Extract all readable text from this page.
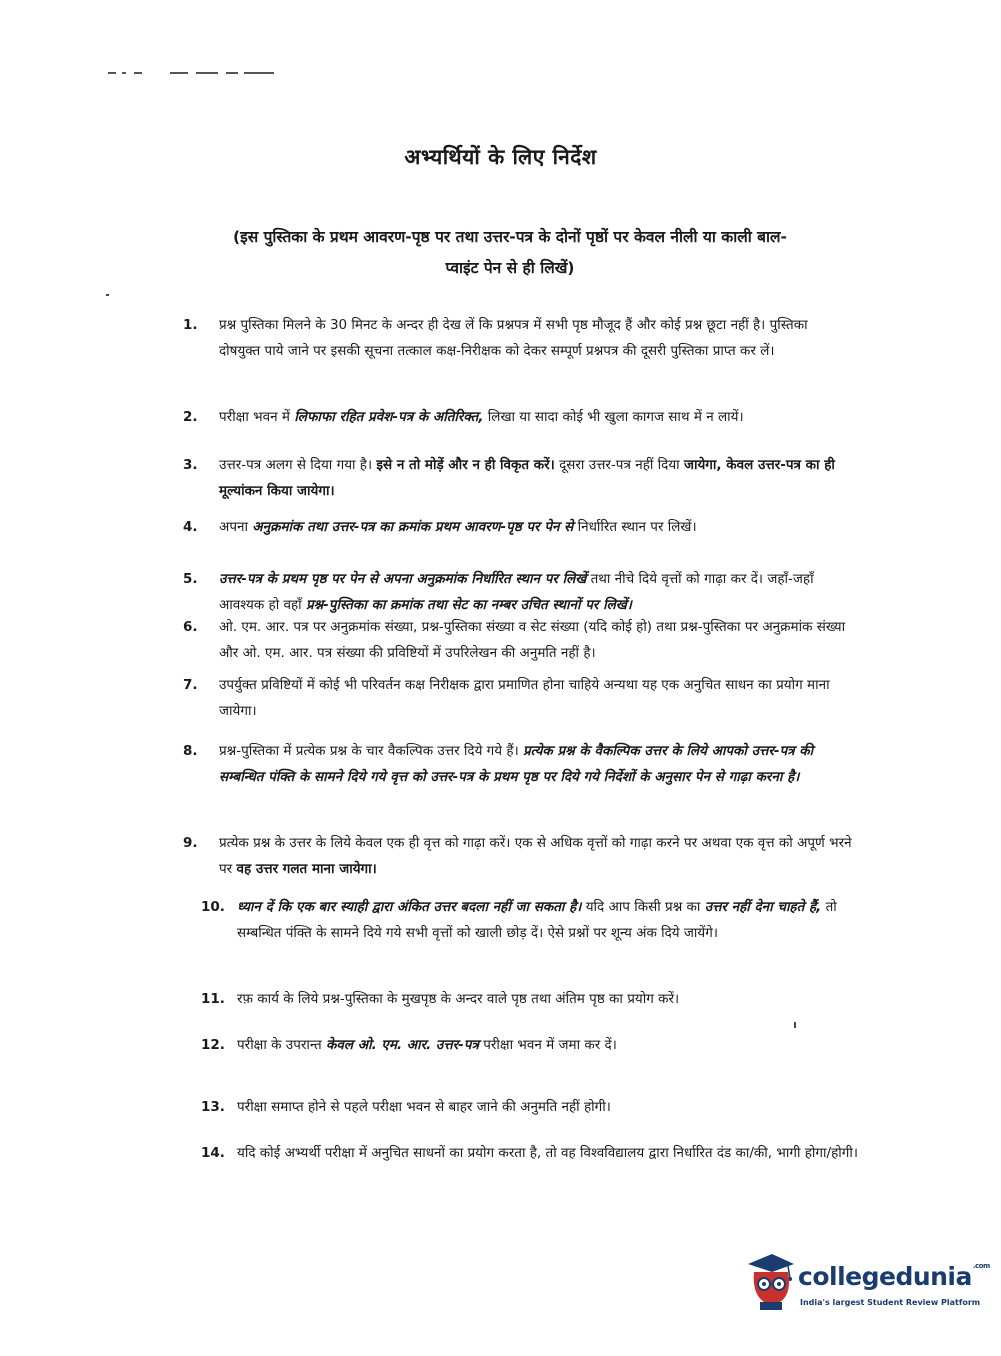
अभ्यर्थियों के लिए निर्देश
(इस पुस्तिका के प्रथम आवरण-पृष्ठ पर तथा उत्तर-पत्र के दोनों पृष्ठों पर केवल नीली या काली बाल-प्वाइंट पेन से ही लिखें)
1.	प्रश्न पुस्तिका मिलने के 30 मिनट के अन्दर ही देख लें कि प्रश्नपत्र में सभी पृष्ठ मौजूद हैं और कोई प्रश्न छूटा नहीं है। पुस्तिका दोषयुक्त पाये जाने पर इसकी सूचना तत्काल कक्ष-निरीक्षक को देकर सम्पूर्ण प्रश्नपत्र की दूसरी पुस्तिका प्राप्त कर लें।
2.	परीक्षा भवन में लिफाफा रहित प्रवेश-पत्र के अतिरिक्त, लिखा या सादा कोई भी खुला कागज साथ में न लायें।
3.	उत्तर-पत्र अलग से दिया गया है। इसे न तो मोड़ें और न ही विकृत करें। दूसरा उत्तर-पत्र नहीं दिया जायेगा, केवल उत्तर-पत्र का ही मूल्यांकन किया जायेगा।
4.	अपना अनुक्रमांक तथा उत्तर-पत्र का क्रमांक प्रथम आवरण-पृष्ठ पर पेन से निर्धारित स्थान पर लिखें।
5.	उत्तर-पत्र के प्रथम पृष्ठ पर पेन से अपना अनुक्रमांक निर्धारित स्थान पर लिखें तथा नीचे दिये वृत्तों को गाढ़ा कर दें। जहाँ-जहाँ आवश्यक हो वहाँ प्रश्न-पुस्तिका का क्रमांक तथा सेट का नम्बर उचित स्थानों पर लिखें।
6.	ओ. एम. आर. पत्र पर अनुक्रमांक संख्या, प्रश्न-पुस्तिका संख्या व सेट संख्या (यदि कोई हो) तथा प्रश्न-पुस्तिका पर अनुक्रमांक संख्या और ओ. एम. आर. पत्र संख्या की प्रविष्टियों में उपरिलेखन की अनुमति नहीं है।
7.	उपर्युक्त प्रविष्टियों में कोई भी परिवर्तन कक्ष निरीक्षक द्वारा प्रमाणित होना चाहिये अन्यथा यह एक अनुचित साधन का प्रयोग माना जायेगा।
8.	प्रश्न-पुस्तिका में प्रत्येक प्रश्न के चार वैकल्पिक उत्तर दिये गये हैं। प्रत्येक प्रश्न के वैकल्पिक उत्तर के लिये आपको उत्तर-पत्र की सम्बन्धित पंक्ति के सामने दिये गये वृत्त को उत्तर-पत्र के प्रथम पृष्ठ पर दिये गये निर्देशों के अनुसार पेन से गाढ़ा करना है।
9.	प्रत्येक प्रश्न के उत्तर के लिये केवल एक ही वृत्त को गाढ़ा करें। एक से अधिक वृत्तों को गाढ़ा करने पर अथवा एक वृत्त को अपूर्ण भरने पर वह उत्तर गलत माना जायेगा।
10. ध्यान दें कि एक बार स्याही द्वारा अंकित उत्तर बदला नहीं जा सकता है। यदि आप किसी प्रश्न का उत्तर नहीं देना चाहते हैं, तो सम्बन्धित पंक्ति के सामने दिये गये सभी वृत्तों को खाली छोड़ दें। ऐसे प्रश्नों पर शून्य अंक दिये जायेंगे।
11. रफ़ कार्य के लिये प्रश्न-पुस्तिका के मुखपृष्ठ के अन्दर वाले पृष्ठ तथा अंतिम पृष्ठ का प्रयोग करें।
12. परीक्षा के उपरान्त केवल ओ. एम. आर. उत्तर-पत्र परीक्षा भवन में जमा कर दें।
13. परीक्षा समाप्त होने से पहले परीक्षा भवन से बाहर जाने की अनुमति नहीं होगी।
14. यदि कोई अभ्यर्थी परीक्षा में अनुचित साधनों का प्रयोग करता है, तो वह विश्वविद्यालय द्वारा निर्धारित दंड का/की, भागी होगा/होगी।
collegedunia$^{.com}$
India's largest Student Review Platform
